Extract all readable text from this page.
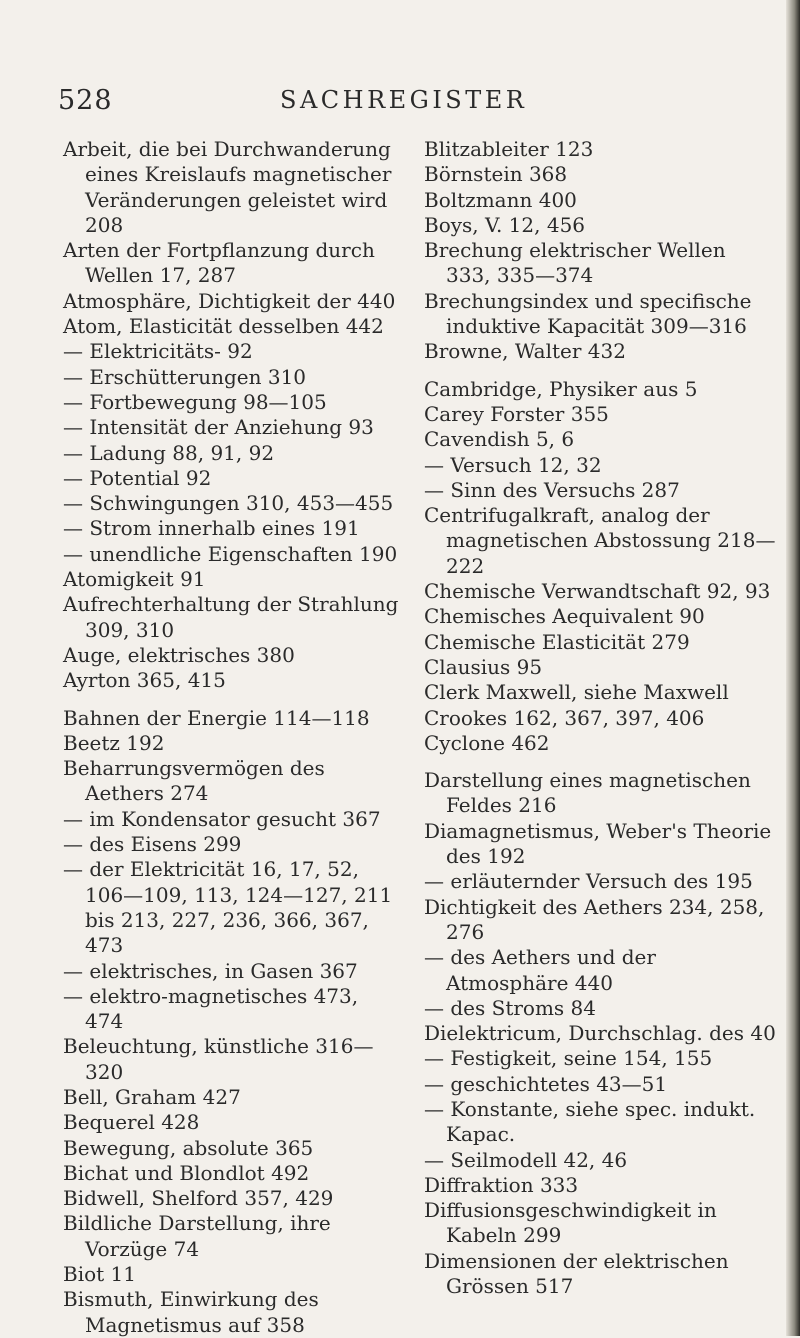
528	SACHREGISTER

Arbeit, die bei Durchwanderung eines Kreislaufs magnetischer Veränderungen geleistet wird 208

Arten der Fortpflanzung durch Wellen 17, 287

Atmosphäre, Dichtigkeit der 440

Atom, Elasticität desselben 442

— Elektricitäts- 92

— Erschütterungen 310

— Fortbewegung 98—105

— Intensität der Anziehung 93

— Ladung 88, 91, 92

— Potential 92

— Schwingungen 310, 453—455

— Strom innerhalb eines 191

— unendliche Eigenschaften 190

Atomigkeit 91

Aufrechterhaltung der Strahlung 309, 310

Auge, elektrisches 380

Ayrton 365, 415

Bahnen der Energie 114—118

Beetz 192

Beharrungsvermögen des Aethers 274

— im Kondensator gesucht 367

— des Eisens 299

— der Elektricität 16, 17, 52, 106—109, 113, 124—127, 211 bis 213, 227, 236, 366, 367, 473

— elektrisches, in Gasen 367

— elektro-magnetisches 473, 474

Beleuchtung, künstliche 316—320

Bell, Graham 427

Bequerel 428

Bewegung, absolute 365

Bichat und Blondlot 492

Bidwell, Shelford 357, 429

Bildliche Darstellung, ihre Vorzüge 74

Biot 11

Bismuth, Einwirkung des Magnetismus auf 358

Blitzableiter 123

Börnstein 368

Boltzmann 400

Boys, V. 12, 456

Brechung elektrischer Wellen 333, 335—374

Brechungsindex und specifische induktive Kapacität 309—316

Browne, Walter 432

Cambridge, Physiker aus 5

Carey Forster 355

Cavendish 5, 6

— Versuch 12, 32

— Sinn des Versuchs 287

Centrifugalkraft, analog der magnetischen Abstossung 218—222

Chemische Verwandtschaft 92, 93

Chemisches Aequivalent 90

Chemische Elasticität 279

Clausius 95

Clerk Maxwell, siehe Maxwell

Crookes 162, 367, 397, 406

Cyclone 462

Darstellung eines magnetischen Feldes 216

Diamagnetismus, Weber's Theorie des 192

— erläuternder Versuch des 195

Dichtigkeit des Aethers 234, 258, 276

— des Aethers und der Atmosphäre 440

— des Stroms 84

Dielektricum, Durchschlag. des 40

— Festigkeit, seine 154, 155

— geschichtetes 43—51

— Konstante, siehe spec. indukt. Kapac.

— Seilmodell 42, 46

Diffraktion 333

Diffusionsgeschwindigkeit in Kabeln 299

Dimensionen der elektrischen Grössen 517
